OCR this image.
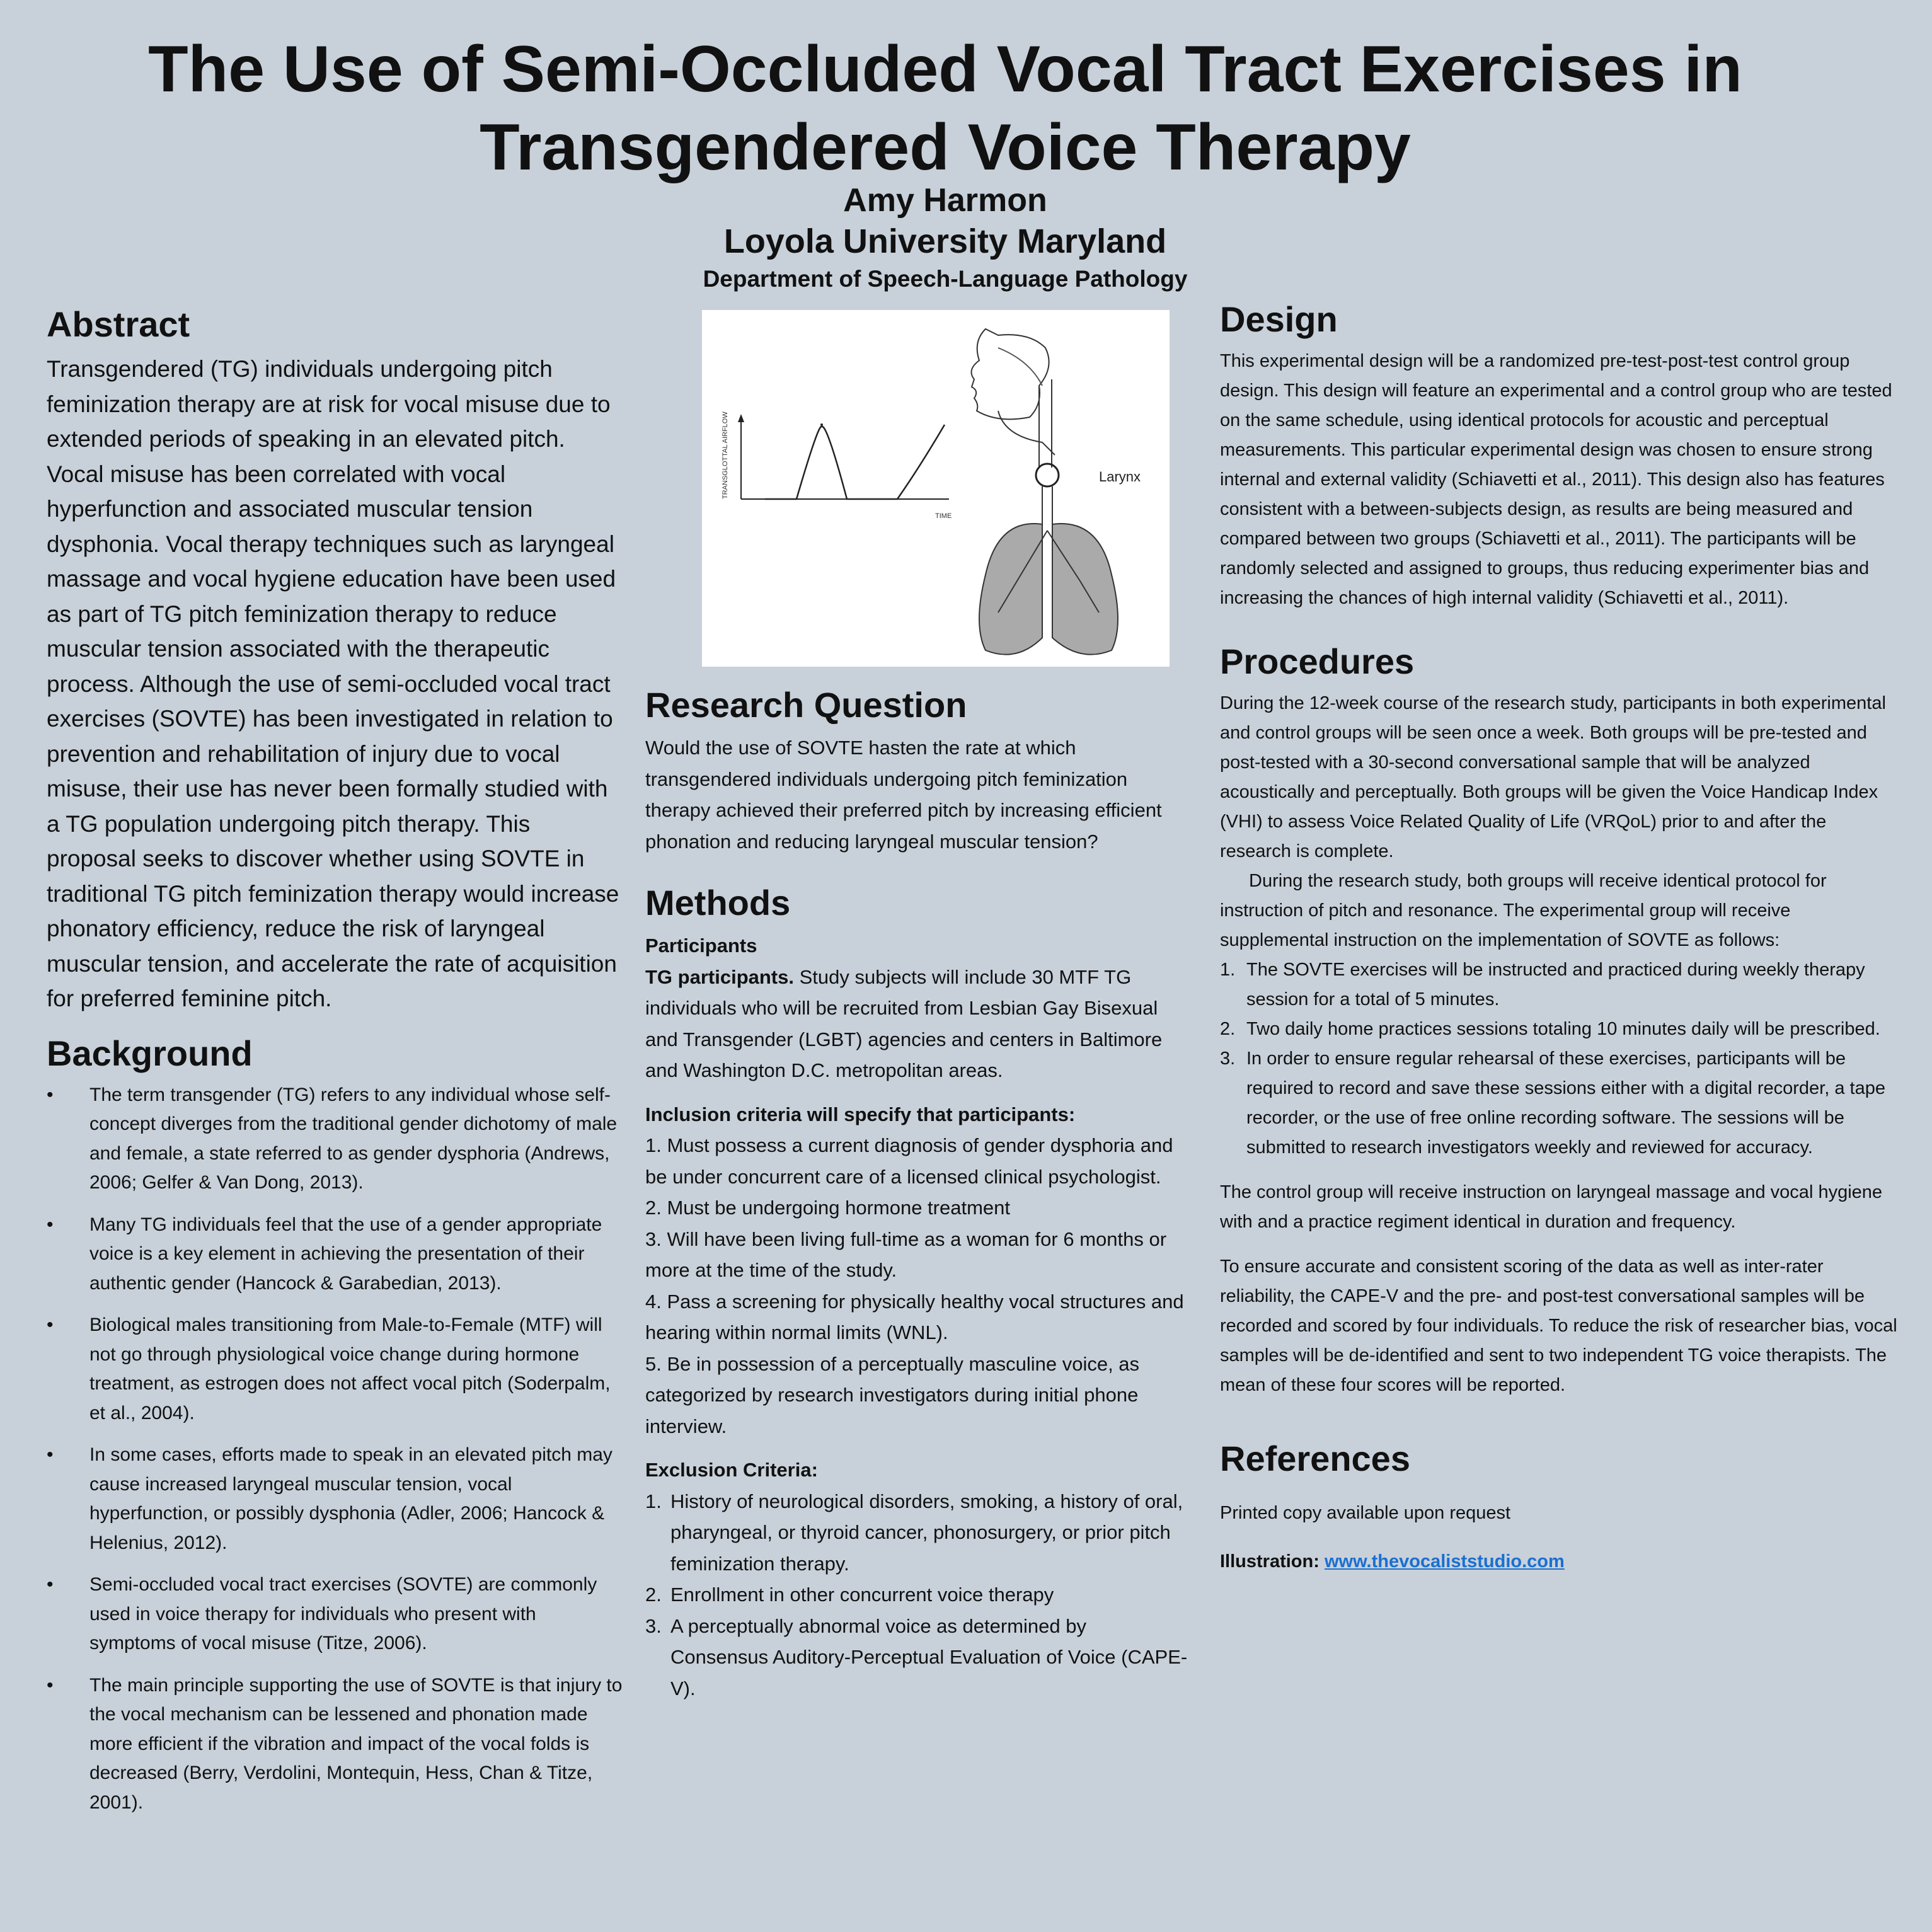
The Use of Semi-Occluded Vocal Tract Exercises in
Transgendered Voice Therapy
Amy Harmon
Loyola University Maryland
Department of Speech-Language Pathology
Abstract

Transgendered (TG) individuals undergoing pitch feminization therapy are at risk for vocal misuse due to extended periods of speaking in an elevated pitch. Vocal misuse has been correlated with vocal hyperfunction and associated muscular tension dysphonia. Vocal therapy techniques such as laryngeal massage and vocal hygiene education have been used as part of TG pitch feminization therapy to reduce muscular tension associated with the therapeutic process. Although the use of semi-occluded vocal tract exercises (SOVTE) has been investigated in relation to prevention and rehabilitation of injury due to vocal misuse, their use has never been formally studied with a TG population undergoing pitch therapy. This proposal seeks to discover whether using SOVTE in traditional TG pitch feminization therapy would increase phonatory efficiency, reduce the risk of laryngeal muscular tension, and accelerate the rate of acquisition for preferred feminine pitch.

Background
• The term transgender (TG) refers to any individual whose self-concept diverges from the traditional gender dichotomy of male and female, a state referred to as gender dysphoria (Andrews, 2006; Gelfer & Van Dong, 2013).
• Many TG individuals feel that the use of a gender appropriate voice is a key element in achieving the presentation of their authentic gender (Hancock & Garabedian, 2013).
• Biological males transitioning from Male-to-Female (MTF) will not go through physiological voice change during hormone treatment, as estrogen does not affect vocal pitch (Soderpalm, et al., 2004).
• In some cases, efforts made to speak in an elevated pitch may cause increased laryngeal muscular tension, vocal hyperfunction, or possibly dysphonia (Adler, 2006; Hancock & Helenius, 2012).
• Semi-occluded vocal tract exercises (SOVTE) are commonly used in voice therapy for individuals who present with symptoms of vocal misuse (Titze, 2006).
• The main principle supporting the use of SOVTE is that injury to the vocal mechanism can be lessened and phonation made more efficient if the vibration and impact of the vocal folds is decreased (Berry, Verdolini, Montequin, Hess, Chan & Titze, 2001).
TRANSGLOTTAL AIRFLOW
TIME
Larynx
Research Question

Would the use of SOVTE hasten the rate at which transgendered individuals undergoing pitch feminization therapy achieved their preferred pitch by increasing efficient phonation and reducing laryngeal muscular tension?

Methods

Participants

TG participants. Study subjects will include 30 MTF TG individuals who will be recruited from Lesbian Gay Bisexual and Transgender (LGBT) agencies and centers in Baltimore and Washington D.C. metropolitan areas.

Inclusion criteria will specify that participants:

1. Must possess a current diagnosis of gender dysphoria and be under concurrent care of a licensed clinical psychologist.
2. Must be undergoing hormone treatment
3. Will have been living full-time as a woman for 6 months or more at the time of the study.
4. Pass a screening for physically healthy vocal structures and hearing within normal limits (WNL).
5. Be in possession of a perceptually masculine voice, as categorized by research investigators during initial phone interview.

Exclusion Criteria:

1. History of neurological disorders, smoking, a history of oral, pharyngeal, or thyroid cancer, phonosurgery, or prior pitch feminization therapy.
2. Enrollment in other concurrent voice therapy
3. A perceptually abnormal voice as determined by Consensus Auditory-Perceptual Evaluation of Voice (CAPE-V).
Design

This experimental design will be a randomized pre-test-post-test control group design. This design will feature an experimental and a control group who are tested on the same schedule, using identical protocols for acoustic and perceptual measurements. This particular experimental design was chosen to ensure strong internal and external validity (Schiavetti et al., 2011). This design also has features consistent with a between-subjects design, as results are being measured and compared between two groups (Schiavetti et al., 2011). The participants will be randomly selected and assigned to groups, thus reducing experimenter bias and increasing the chances of high internal validity (Schiavetti et al., 2011).

Procedures

During the 12-week course of the research study, participants in both experimental and control groups will be seen once a week. Both groups will be pre-tested and post-tested with a 30-second conversational sample that will be analyzed acoustically and perceptually. Both groups will be given the Voice Handicap Index (VHI) to assess Voice Related Quality of Life (VRQoL) prior to and after the research is complete.

During the research study, both groups will receive identical protocol for instruction of pitch and resonance. The experimental group will receive supplemental instruction on the implementation of SOVTE as follows:

1. The SOVTE exercises will be instructed and practiced during weekly therapy session for a total of 5 minutes.
2. Two daily home practices sessions totaling 10 minutes daily will be prescribed.
3. In order to ensure regular rehearsal of these exercises, participants will be required to record and save these sessions either with a digital recorder, a tape recorder, or the use of free online recording software. The sessions will be submitted to research investigators weekly and reviewed for accuracy.

The control group will receive instruction on laryngeal massage and vocal hygiene with and a practice regiment identical in duration and frequency.

To ensure accurate and consistent scoring of the data as well as inter-rater reliability, the CAPE-V and the pre- and post-test conversational samples will be recorded and scored by four individuals. To reduce the risk of researcher bias, vocal samples will be de-identified and sent to two independent TG voice therapists. The mean of these four scores will be reported.

References

Printed copy available upon request

Illustration: www.thevocaliststudio.com
